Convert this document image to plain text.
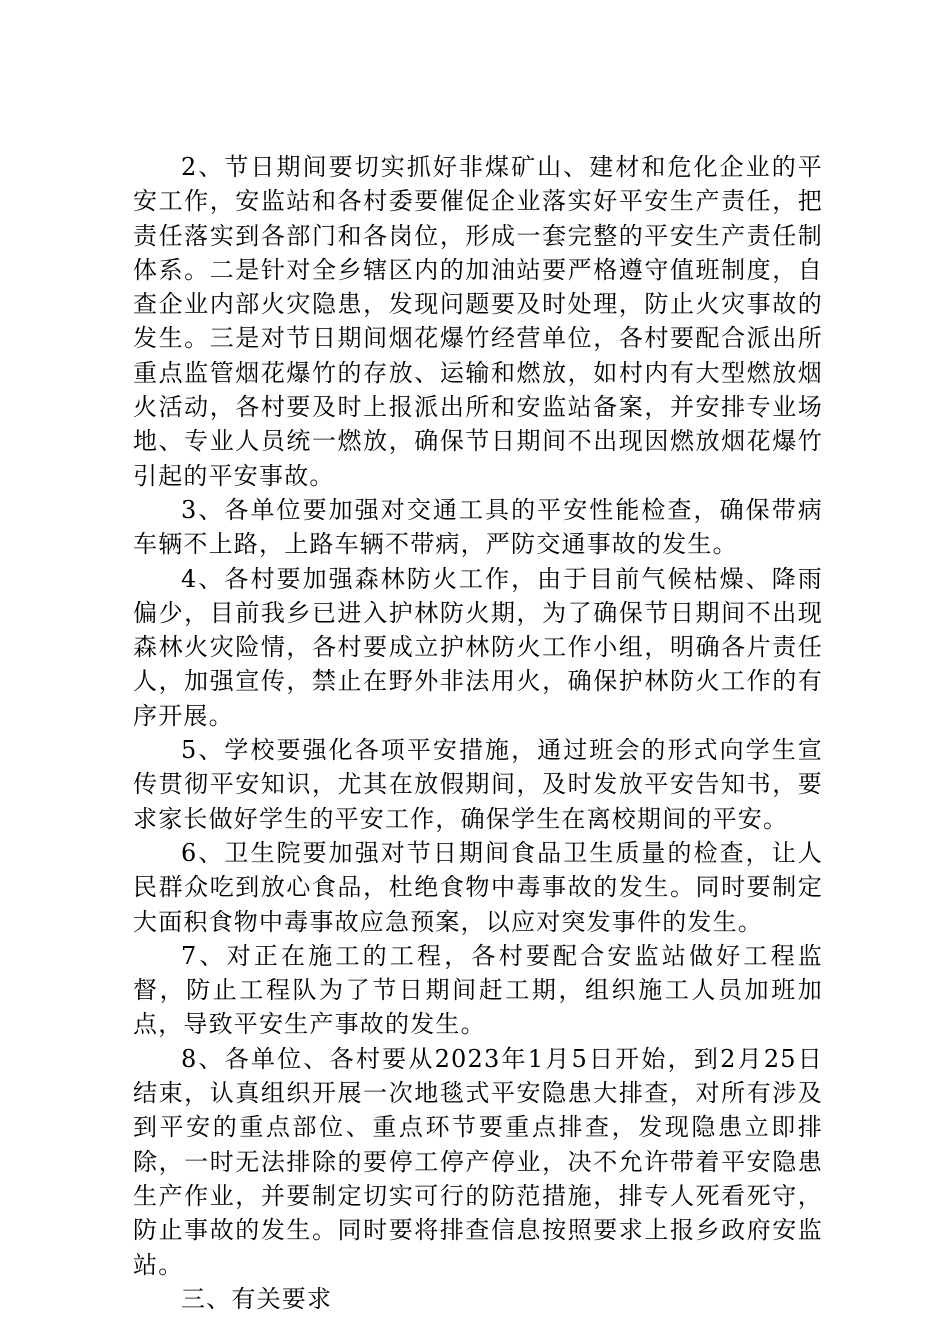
2、节日期间要切实抓好非煤矿山、建材和危化企业的平安工作，安监站和各村委要催促企业落实好平安生产责任，把责任落实到各部门和各岗位，形成一套完整的平安生产责任制体系。二是针对全乡辖区内的加油站要严格遵守值班制度，自查企业内部火灾隐患，发现问题要及时处理，防止火灾事故的发生。三是对节日期间烟花爆竹经营单位，各村要配合派出所重点监管烟花爆竹的存放、运输和燃放，如村内有大型燃放烟火活动，各村要及时上报派出所和安监站备案，并安排专业场地、专业人员统一燃放，确保节日期间不出现因燃放烟花爆竹引起的平安事故。

3、各单位要加强对交通工具的平安性能检查，确保带病车辆不上路，上路车辆不带病，严防交通事故的发生。

4、各村要加强森林防火工作，由于目前气候枯燥、降雨偏少，目前我乡已进入护林防火期，为了确保节日期间不出现森林火灾险情，各村要成立护林防火工作小组，明确各片责任人，加强宣传，禁止在野外非法用火，确保护林防火工作的有序开展。

5、学校要强化各项平安措施，通过班会的形式向学生宣传贯彻平安知识，尤其在放假期间，及时发放平安告知书，要求家长做好学生的平安工作，确保学生在离校期间的平安。

6、卫生院要加强对节日期间食品卫生质量的检查，让人民群众吃到放心食品，杜绝食物中毒事故的发生。同时要制定大面积食物中毒事故应急预案，以应对突发事件的发生。

7、对正在施工的工程，各村要配合安监站做好工程监督，防止工程队为了节日期间赶工期，组织施工人员加班加点，导致平安生产事故的发生。

8、各单位、各村要从2023年1月5日开始，到2月25日结束，认真组织开展一次地毯式平安隐患大排查，对所有涉及到平安的重点部位、重点环节要重点排查，发现隐患立即排除，一时无法排除的要停工停产停业，决不允许带着平安隐患生产作业，并要制定切实可行的防范措施，排专人死看死守，防止事故的发生。同时要将排查信息按照要求上报乡政府安监站。

三、有关要求
